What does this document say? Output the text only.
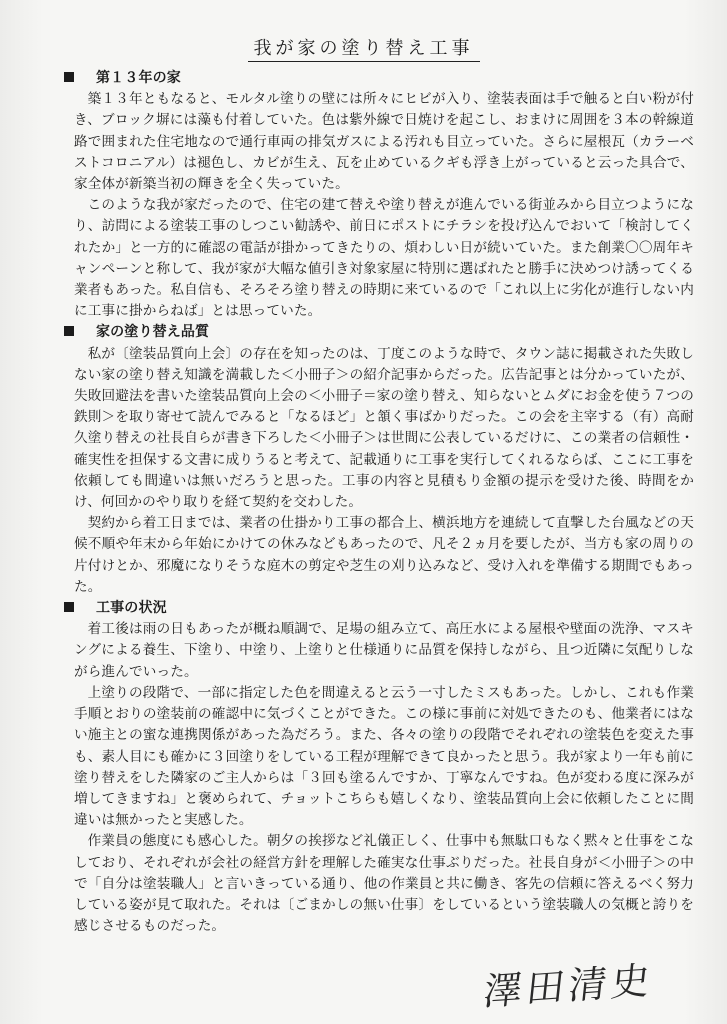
我が家の塗り替え工事
第１３年の家

築１３年ともなると、モルタル塗りの壁には所々にヒビが入り、塗装表面は手で触ると白い粉が付き、ブロック塀には藻も付着していた。色は紫外線で日焼けを起こし、おまけに周囲を３本の幹線道路で囲まれた住宅地なので通行車両の排気ガスによる汚れも目立っていた。さらに屋根瓦（カラーベストコロニアル）は褪色し、カビが生え、瓦を止めているクギも浮き上がっていると云った具合で、家全体が新築当初の輝きを全く失っていた。

このような我が家だったので、住宅の建て替えや塗り替えが進んでいる街並みから目立つようになり、訪問による塗装工事のしつこい勧誘や、前日にポストにチラシを投げ込んでおいて「検討してくれたか」と一方的に確認の電話が掛かってきたりの、煩わしい日が続いていた。また創業〇〇周年キャンペーンと称して、我が家が大幅な値引き対象家屋に特別に選ばれたと勝手に決めつけ誘ってくる業者もあった。私自信も、そろそろ塗り替えの時期に来ているので「これ以上に劣化が進行しない内に工事に掛からねば」とは思っていた。

家の塗り替え品質

私が〔塗装品質向上会〕の存在を知ったのは、丁度このような時で、タウン誌に掲載された失敗しない家の塗り替え知識を満載した＜小冊子＞の紹介記事からだった。広告記事とは分かっていたが、失敗回避法を書いた塗装品質向上会の＜小冊子＝家の塗り替え、知らないとムダにお金を使う７つの鉄則＞を取り寄せて読んでみると「なるほど」と頷く事ばかりだった。この会を主宰する（有）高耐久塗り替えの社長自らが書き下ろした＜小冊子＞は世間に公表しているだけに、この業者の信頼性・確実性を担保する文書に成りうると考えて、記載通りに工事を実行してくれるならば、ここに工事を依頼しても間違いは無いだろうと思った。工事の内容と見積もり金額の提示を受けた後、時間をかけ、何回かのやり取りを経て契約を交わした。

契約から着工日までは、業者の仕掛かり工事の都合上、横浜地方を連続して直撃した台風などの天候不順や年末から年始にかけての休みなどもあったので、凡そ２ヵ月を要したが、当方も家の周りの片付けとか、邪魔になりそうな庭木の剪定や芝生の刈り込みなど、受け入れを準備する期間でもあった。

工事の状況

着工後は雨の日もあったが概ね順調で、足場の組み立て、高圧水による屋根や壁面の洗浄、マスキングによる養生、下塗り、中塗り、上塗りと仕様通りに品質を保持しながら、且つ近隣に気配りしながら進んでいった。

上塗りの段階で、一部に指定した色を間違えると云う一寸したミスもあった。しかし、これも作業手順とおりの塗装前の確認中に気づくことができた。この様に事前に対処できたのも、他業者にはない施主との蜜な連携関係があった為だろう。また、各々の塗りの段階でそれぞれの塗装色を変えた事も、素人目にも確かに３回塗りをしている工程が理解できて良かったと思う。我が家より一年も前に塗り替えをした隣家のご主人からは「３回も塗るんですか、丁寧なんですね。色が変わる度に深みが増してきますね」と褒められて、チョットこちらも嬉しくなり、塗装品質向上会に依頼したことに間違いは無かったと実感した。

作業員の態度にも感心した。朝夕の挨拶など礼儀正しく、仕事中も無駄口もなく黙々と仕事をこなしており、それぞれが会社の経営方針を理解した確実な仕事ぶりだった。社長自身が＜小冊子＞の中で「自分は塗装職人」と言いきっている通り、他の作業員と共に働き、客先の信頼に答えるべく努力している姿が見て取れた。それは〔ごまかしの無い仕事〕をしているという塗装職人の気概と誇りを感じさせるものだった。

澤田清史
